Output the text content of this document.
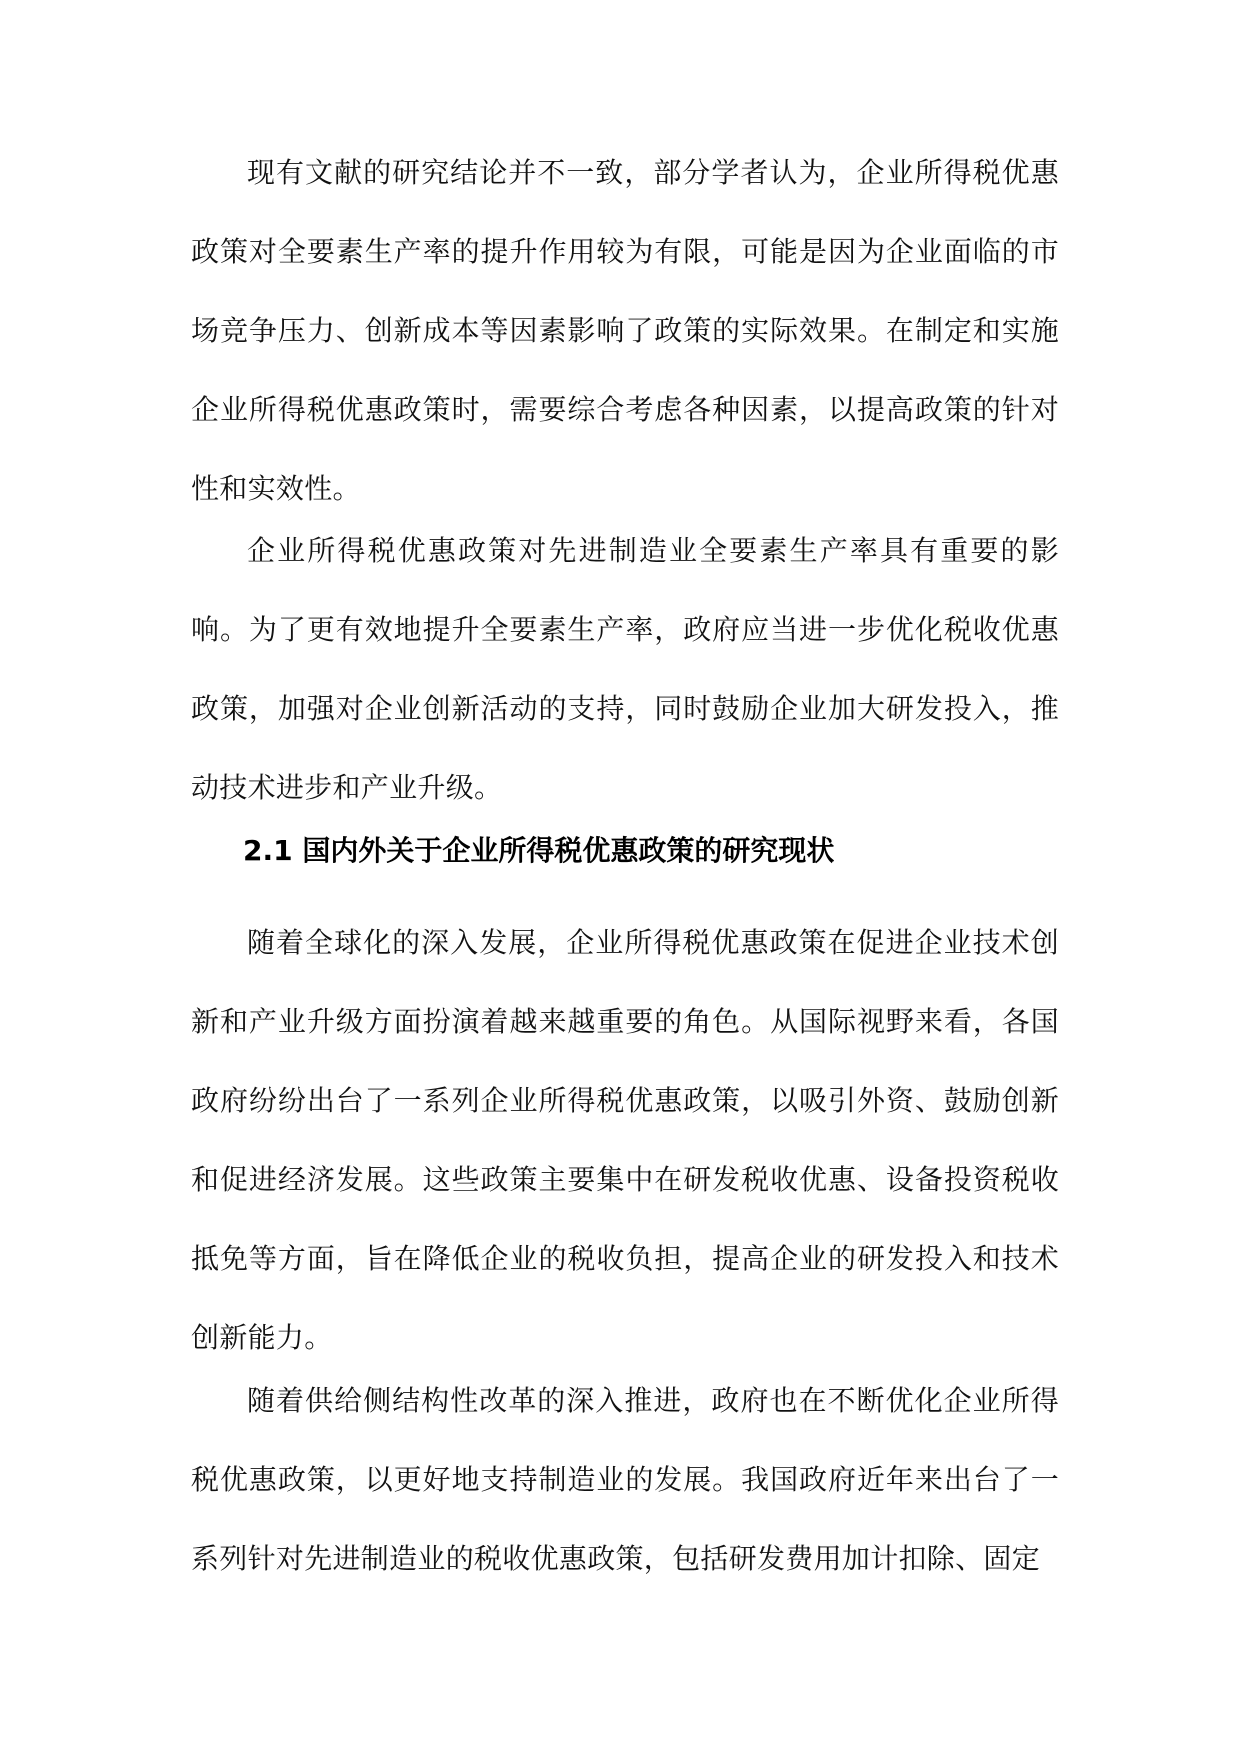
现有文献的研究结论并不一致，部分学者认为，企业所得税优惠政策对全要素生产率的提升作用较为有限，可能是因为企业面临的市场竞争压力、创新成本等因素影响了政策的实际效果。在制定和实施企业所得税优惠政策时，需要综合考虑各种因素，以提高政策的针对性和实效性。

企业所得税优惠政策对先进制造业全要素生产率具有重要的影响。为了更有效地提升全要素生产率，政府应当进一步优化税收优惠政策，加强对企业创新活动的支持，同时鼓励企业加大研发投入，推动技术进步和产业升级。

2.1 国内外关于企业所得税优惠政策的研究现状

随着全球化的深入发展，企业所得税优惠政策在促进企业技术创新和产业升级方面扮演着越来越重要的角色。从国际视野来看，各国政府纷纷出台了一系列企业所得税优惠政策，以吸引外资、鼓励创新和促进经济发展。这些政策主要集中在研发税收优惠、设备投资税收抵免等方面，旨在降低企业的税收负担，提高企业的研发投入和技术创新能力。

随着供给侧结构性改革的深入推进，政府也在不断优化企业所得税优惠政策，以更好地支持制造业的发展。我国政府近年来出台了一系列针对先进制造业的税收优惠政策，包括研发费用加计扣除、固定
